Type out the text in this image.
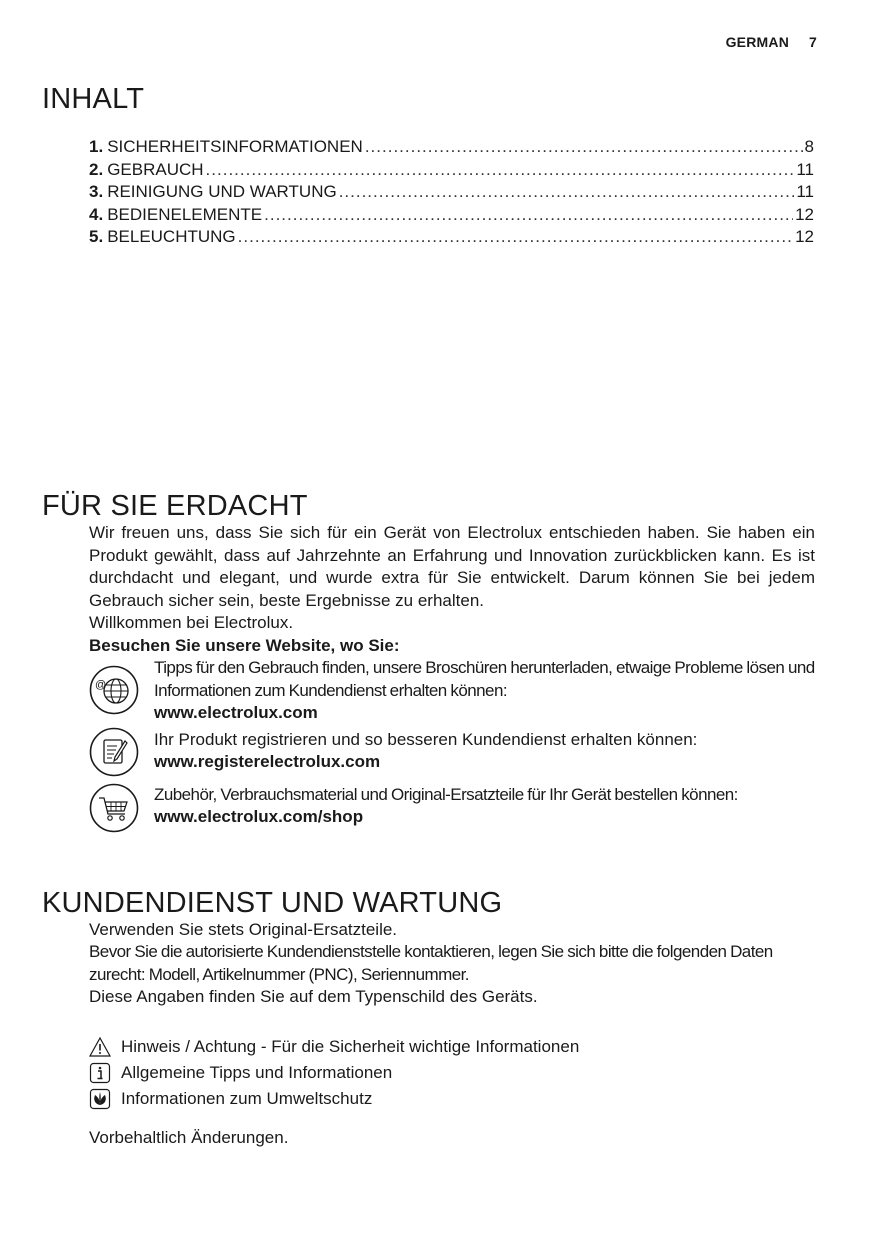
GERMAN 7
INHALT
1. SICHERHEITSINFORMATIONEN .....	8
2. GEBRAUCH .....	11
3. REINIGUNG UND WARTUNG .....	11
4. BEDIENELEMENTE .....	12
5. BELEUCHTUNG .....	12
FÜR SIE ERDACHT
Wir freuen uns, dass Sie sich für ein Gerät von Electrolux entschieden haben. Sie haben ein Produkt gewählt, dass auf Jahrzehnte an Erfahrung und Innovation zurückblicken kann. Es ist durchdacht und elegant, und wurde extra für Sie entwickelt. Darum können Sie bei jedem Gebrauch sicher sein, beste Ergebnisse zu erhalten.
Willkommen bei Electrolux.
Besuchen Sie unsere Website, wo Sie:
@
Tipps für den Gebrauch finden, unsere Broschüren herunterladen, etwaige Probleme lösen und Informationen zum Kundendienst erhalten können:
www.electrolux.com
Ihr Produkt registrieren und so besseren Kundendienst erhalten können:
www.registerelectrolux.com
Zubehör, Verbrauchsmaterial und Original-Ersatzteile für Ihr Gerät bestellen können:
www.electrolux.com/shop
KUNDENDIENST UND WARTUNG
Verwenden Sie stets Original-Ersatzteile.
Bevor Sie die autorisierte Kundendienststelle kontaktieren, legen Sie sich bitte die folgenden Daten zurecht: Modell, Artikelnummer (PNC), Seriennummer.
Diese Angaben finden Sie auf dem Typenschild des Geräts.
Hinweis / Achtung - Für die Sicherheit wichtige Informationen
Allgemeine Tipps und Informationen
Informationen zum Umweltschutz
Vorbehaltlich Änderungen.
